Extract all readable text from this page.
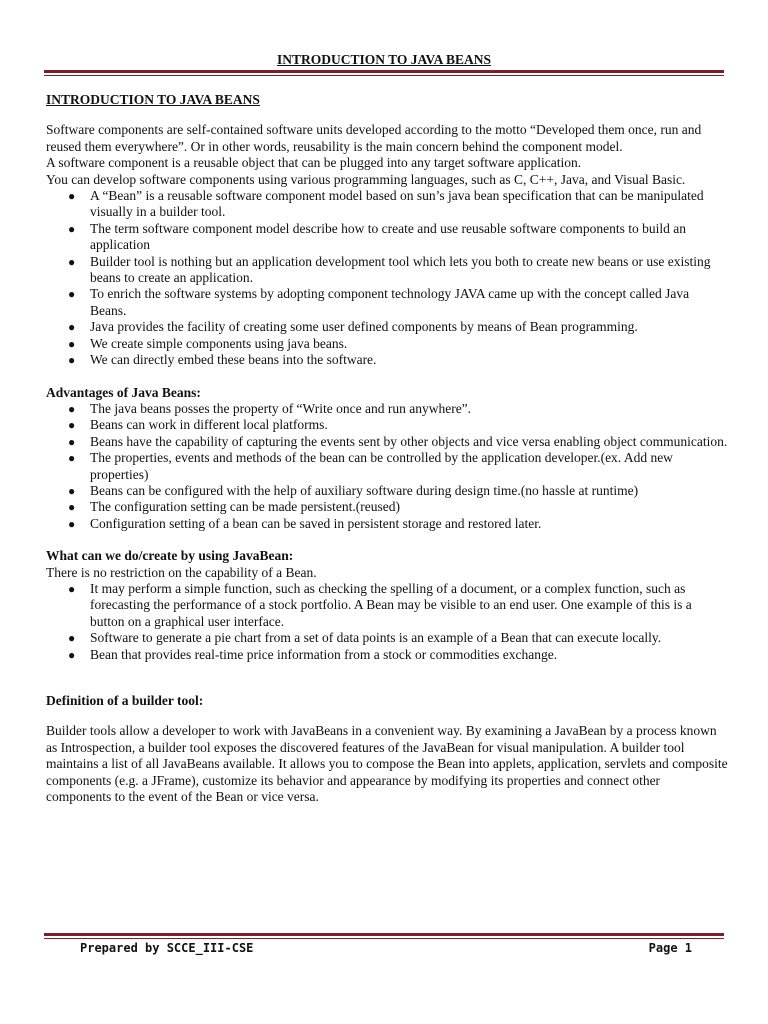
INTRODUCTION TO JAVA BEANS
INTRODUCTION TO JAVA BEANS

Software components are self-contained software units developed according to the motto “Developed them once, run and reused them everywhere”. Or in other words, reusability is the main concern behind the component model.

A software component is a reusable object that can be plugged into any target software application.

You can develop software components using various programming languages, such as C, C++, Java, and Visual Basic.

● A “Bean” is a reusable software component model based on sun’s java bean specification that can be manipulated visually in a builder tool.
● The term software component model describe how to create and use reusable software components to build an application
● Builder tool is nothing but an application development tool which lets you both to create new beans or use existing beans to create an application.
● To enrich the software systems by adopting component technology JAVA came up with the concept called Java Beans.
● Java provides the facility of creating some user defined components by means of Bean programming.
● We create simple components using java beans.
● We can directly embed these beans into the software.
Advantages of Java Beans:
● The java beans posses the property of “Write once and run anywhere”.
● Beans can work in different local platforms.
● Beans have the capability of capturing the events sent by other objects and vice versa enabling object communication.
● The properties, events and methods of the bean can be controlled by the application developer.(ex. Add new properties)
● Beans can be configured with the help of auxiliary software during design time.(no hassle at runtime)
● The configuration setting can be made persistent.(reused)
● Configuration setting of a bean can be saved in persistent storage and restored later.
What can we do/create by using JavaBean:

There is no restriction on the capability of a Bean.

● It may perform a simple function, such as checking the spelling of a document, or a complex function, such as forecasting the performance of a stock portfolio. A Bean may be visible to an end user. One example of this is a button on a graphical user interface.
● Software to generate a pie chart from a set of data points is an example of a Bean that can execute locally.
● Bean that provides real-time price information from a stock or commodities exchange.
Definition of a builder tool:

Builder tools allow a developer to work with JavaBeans in a convenient way. By examining a JavaBean by a process known as Introspection, a builder tool exposes the discovered features of the JavaBean for visual manipulation. A builder tool maintains a list of all JavaBeans available. It allows you to compose the Bean into applets, application, servlets and composite components (e.g. a JFrame), customize its behavior and appearance by modifying its properties and connect other components to the event of the Bean or vice versa.

Prepared by SCCE_III-CSE	Page 1
